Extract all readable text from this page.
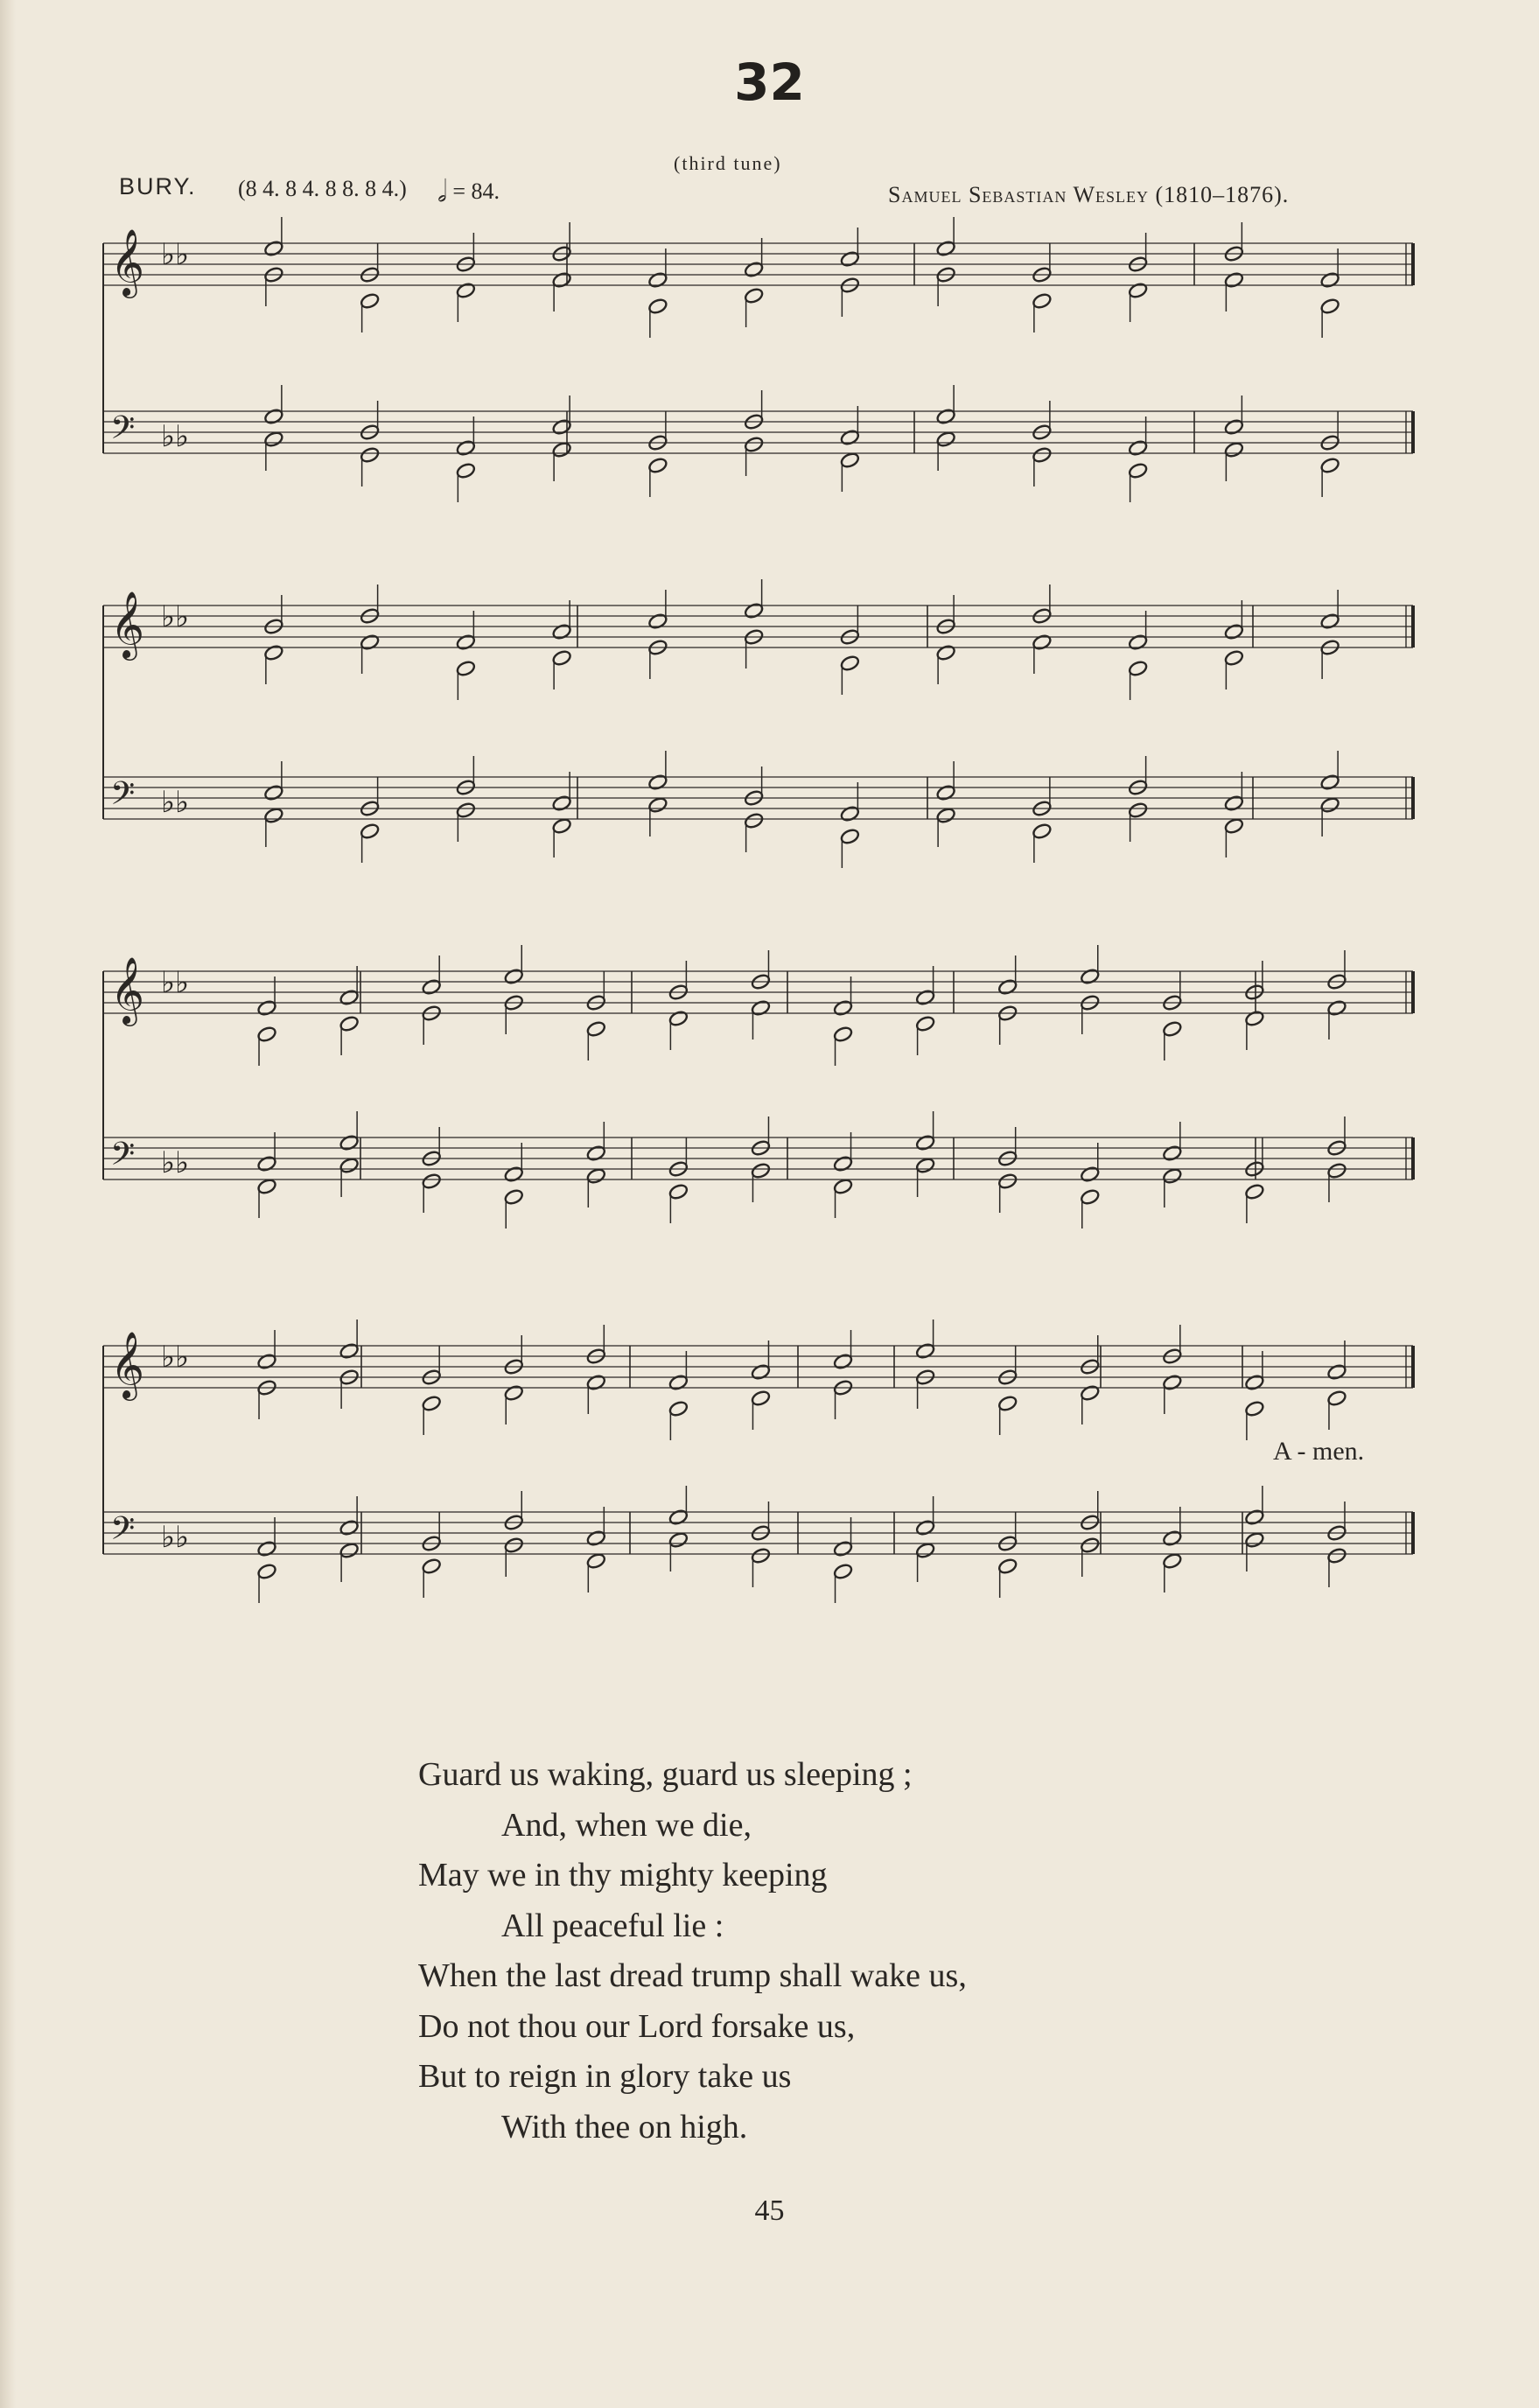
32
BURY. (8 4. 8 4. 8 8. 8 4.) 𝅗𝅥 = 84.
(third tune)
Samuel Sebastian Wesley (1810–1876).
𝄞 ♭♭
𝄢 ♭♭
𝄞 ♭♭
𝄢 ♭♭
𝄞 ♭♭
𝄢 ♭♭
𝄞 ♭♭
𝄢 ♭♭
A - men.
Guard us waking, guard us sleeping ;
And, when we die,
May we in thy mighty keeping
All peaceful lie :
When the last dread trump shall wake us,
Do not thou our Lord forsake us,
But to reign in glory take us
With thee on high.
45
